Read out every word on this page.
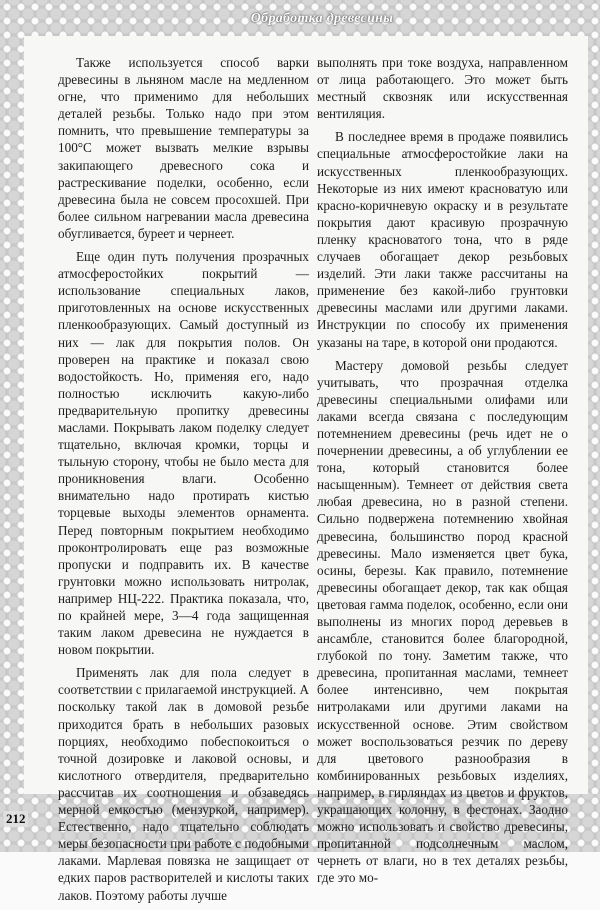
Обработка древесины

Также используется способ варки древесины в льняном масле на медленном огне, что применимо для небольших деталей резьбы. Только надо при этом помнить, что превышение температуры за 100°С может вызвать мелкие взрывы закипающего древесного сока и растрескивание поделки, особенно, если древесина была не совсем просохшей. При более сильном нагревании масла древесина обугливается, буреет и чернеет.

Еще один путь получения прозрачных атмосферостойких покрытий — использование специальных лаков, приготовленных на основе искусственных пленкообразующих. Самый доступный из них — лак для покрытия полов. Он проверен на практике и показал свою водостойкость. Но, применяя его, надо полностью исключить какую-либо предварительную пропитку древесины маслами. Покрывать лаком поделку следует тщательно, включая кромки, торцы и тыльную сторону, чтобы не было места для проникновения влаги. Особенно внимательно надо протирать кистью торцевые выходы элементов орнамента. Перед повторным покрытием необходимо проконтролировать еще раз возможные пропуски и подправить их. В качестве грунтовки можно использовать нитролак, например НЦ-222. Практика показала, что, по крайней мере, 3—4 года защищенная таким лаком древесина не нуждается в новом покрытии.

Применять лак для пола следует в соответствии с прилагаемой инструкцией. А поскольку такой лак в домовой резьбе приходится брать в небольших разовых порциях, необходимо побеспокоиться о точной дозировке и лаковой основы, и кислотного отвердителя, предварительно рассчитав их соотношения и обзаведясь мерной емкостью (мензуркой, например). Естественно, надо тщательно соблюдать меры безопасности при работе с подобными лаками. Марлевая повязка не защищает от едких паров растворителей и кислоты таких лаков. Поэтому работы лучше

выполнять при токе воздуха, направленном от лица работающего. Это может быть местный сквозняк или искусственная вентиляция.

В последнее время в продаже появились специальные атмосферостойкие лаки на искусственных пленкообразующих. Некоторые из них имеют красноватую или красно-коричневую окраску и в результате покрытия дают красивую прозрачную пленку красноватого тона, что в ряде случаев обогащает декор резьбовых изделий. Эти лаки также рассчитаны на применение без какой-либо грунтовки древесины маслами или другими лаками. Инструкции по способу их применения указаны на таре, в которой они продаются.

Мастеру домовой резьбы следует учитывать, что прозрачная отделка древесины специальными олифами или лаками всегда связана с последующим потемнением древесины (речь идет не о почернении древесины, а об углублении ее тона, который становится более насыщенным). Темнеет от действия света любая древесина, но в разной степени. Сильно подвержена потемнению хвойная древесина, большинство пород красной древесины. Мало изменяется цвет бука, осины, березы. Как правило, потемнение древесины обогащает декор, так как общая цветовая гамма поделок, особенно, если они выполнены из многих пород деревьев в ансамбле, становится более благородной, глубокой по тону. Заметим также, что древесина, пропитанная маслами, темнеет более интенсивно, чем покрытая нитролаками или другими лаками на искусственной основе. Этим свойством может воспользоваться резчик по дереву для цветового разнообразия в комбинированных резьбовых изделиях, например, в гирляндах из цветов и фруктов, украшающих колонну, в фестонах. Заодно можно использовать и свойство древесины, пропитанной подсолнечным маслом, чернеть от влаги, но в тех деталях резьбы, где это мо-

212
